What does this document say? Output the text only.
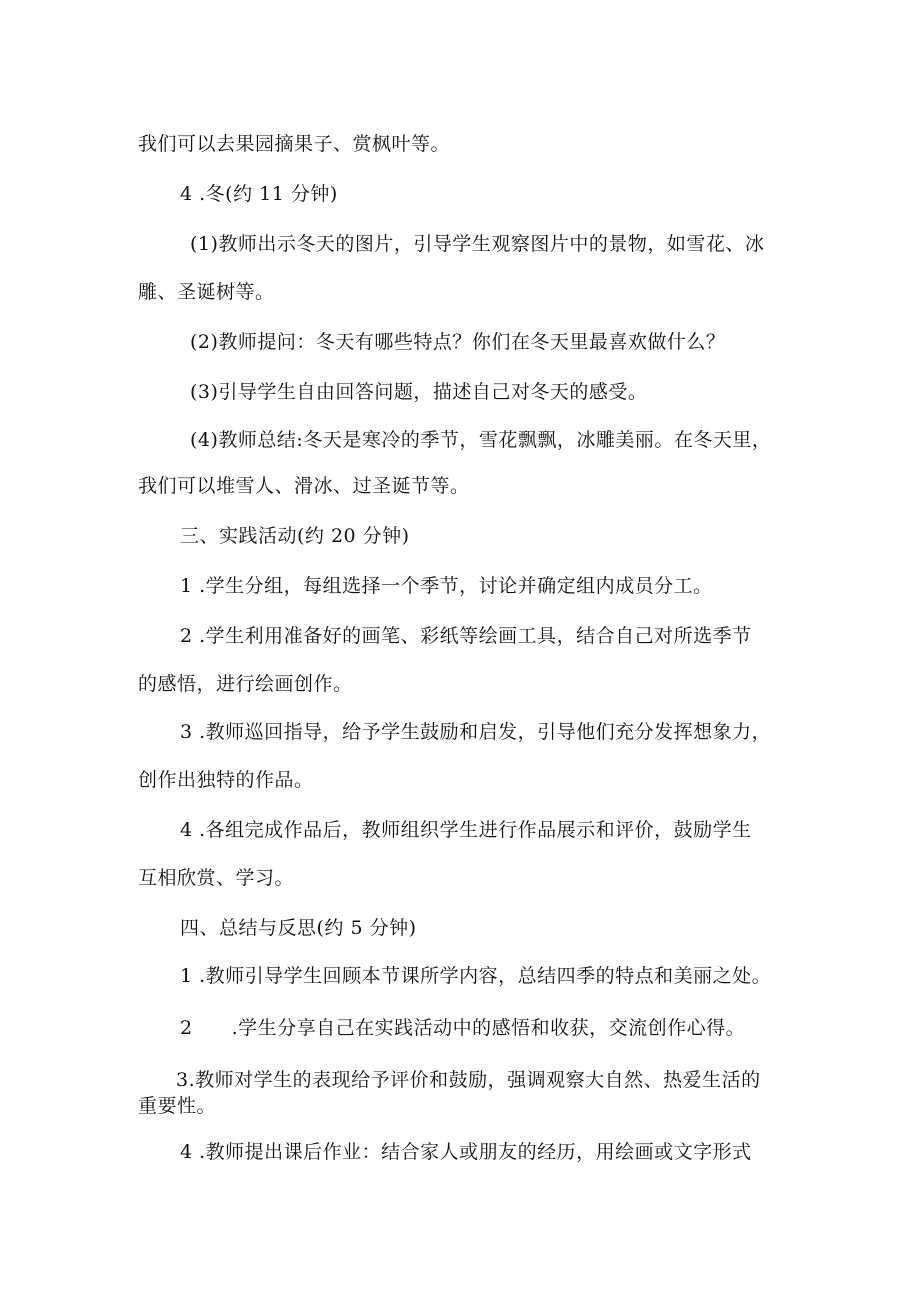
我们可以去果园摘果子、赏枫叶等。
4 .冬(约 11 分钟)
(1)教师出示冬天的图片，引导学生观察图片中的景物，如雪花、冰
雕、圣诞树等。
(2)教师提问：冬天有哪些特点？你们在冬天里最喜欢做什么？
(3)引导学生自由回答问题，描述自己对冬天的感受。
(4)教师总结:冬天是寒冷的季节，雪花飘飘，冰雕美丽。在冬天里，
我们可以堆雪人、滑冰、过圣诞节等。
三、实践活动(约 20 分钟)
1 .学生分组，每组选择一个季节，讨论并确定组内成员分工。
2 .学生利用准备好的画笔、彩纸等绘画工具，结合自己对所选季节
的感悟，进行绘画创作。
3 .教师巡回指导，给予学生鼓励和启发，引导他们充分发挥想象力，
创作出独特的作品。
4 .各组完成作品后，教师组织学生进行作品展示和评价，鼓励学生
互相欣赏、学习。
四、总结与反思(约 5 分钟)
1 .教师引导学生回顾本节课所学内容，总结四季的特点和美丽之处。
2　　.学生分享自己在实践活动中的感悟和收获，交流创作心得。
3.教师对学生的表现给予评价和鼓励，强调观察大自然、热爱生活的
重要性。
4 .教师提出课后作业：结合家人或朋友的经历，用绘画或文字形式
